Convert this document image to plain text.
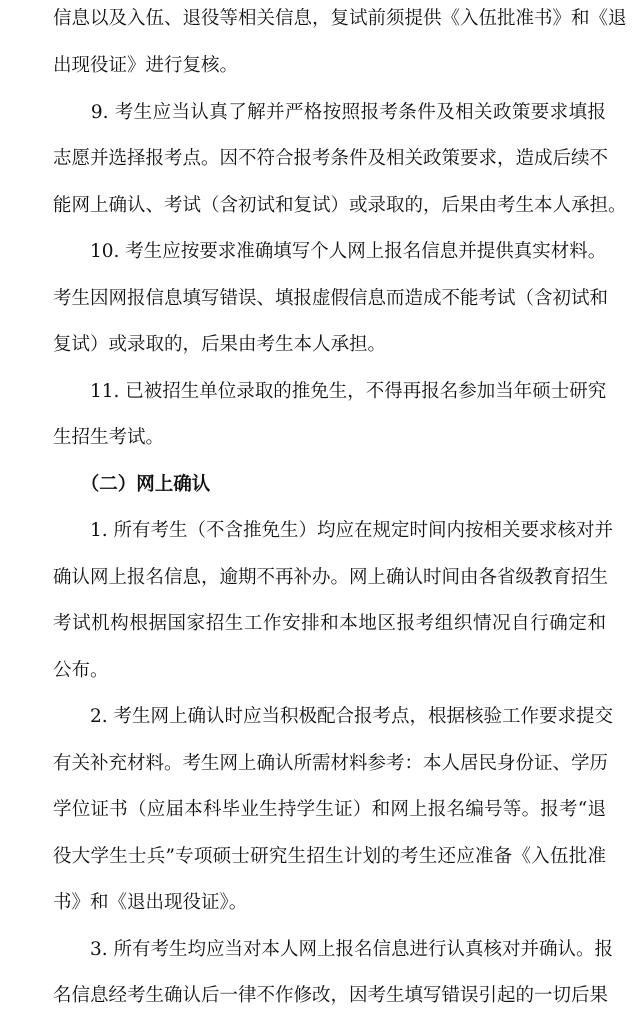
信息以及入伍、退役等相关信息，复试前须提供《入伍批准书》和《退
出现役证》进行复核。
　　9. 考生应当认真了解并严格按照报考条件及相关政策要求填报
志愿并选择报考点。因不符合报考条件及相关政策要求，造成后续不
能网上确认、考试（含初试和复试）或录取的，后果由考生本人承担。
　　10. 考生应按要求准确填写个人网上报名信息并提供真实材料。
考生因网报信息填写错误、填报虚假信息而造成不能考试（含初试和
复试）或录取的，后果由考生本人承担。
　　11. 已被招生单位录取的推免生，不得再报名参加当年硕士研究
生招生考试。
　　（二）网上确认
　　1. 所有考生（不含推免生）均应在规定时间内按相关要求核对并
确认网上报名信息，逾期不再补办。网上确认时间由各省级教育招生
考试机构根据国家招生工作安排和本地区报考组织情况自行确定和
公布。
　　2. 考生网上确认时应当积极配合报考点，根据核验工作要求提交
有关补充材料。考生网上确认所需材料参考：本人居民身份证、学历
学位证书（应届本科毕业生持学生证）和网上报名编号等。报考“退
役大学生士兵”专项硕士研究生招生计划的考生还应准备《入伍批准
书》和《退出现役证》。
　　3. 所有考生均应当对本人网上报名信息进行认真核对并确认。报
名信息经考生确认后一律不作修改，因考生填写错误引起的一切后果
